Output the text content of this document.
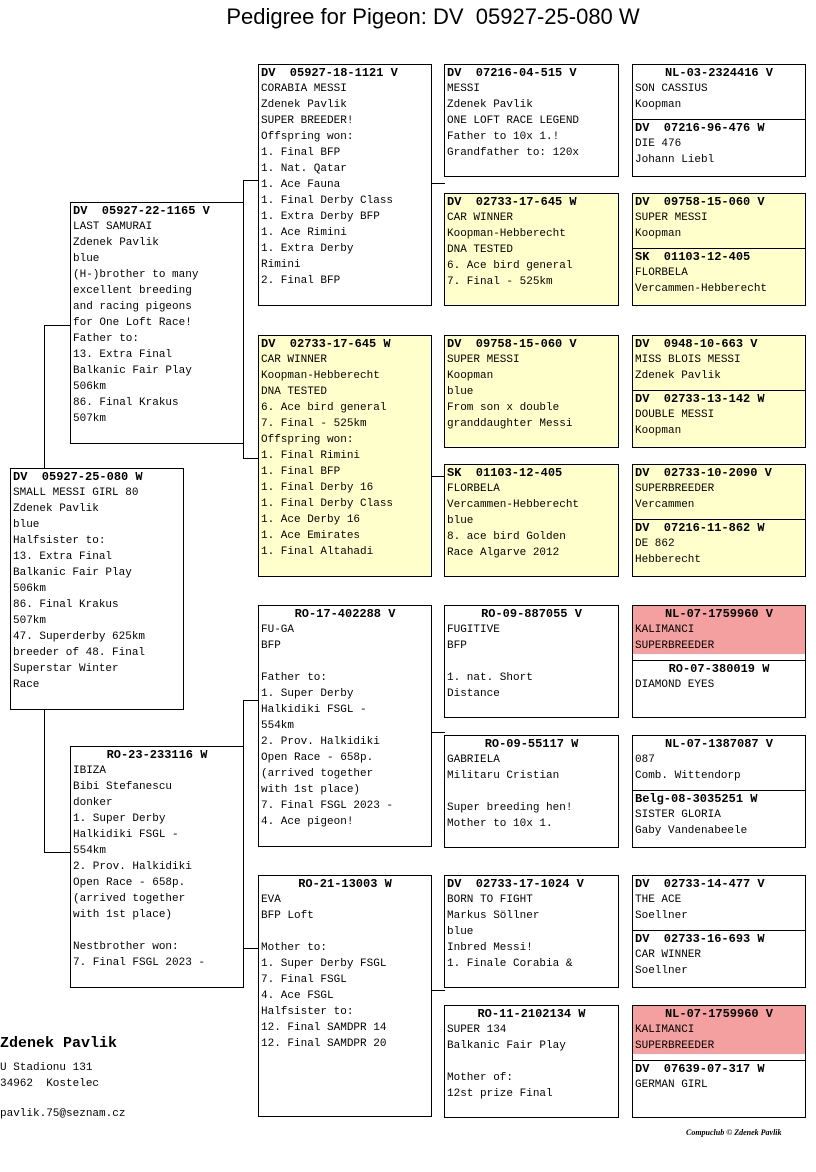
Pedigree for Pigeon: DV  05927-25-080 W
DV  05927-25-080 W
SMALL MESSI GIRL 80
Zdenek Pavlik
blue
Halfsister to:
13. Extra Final
Balkanic Fair Play
506km
86. Final Krakus
507km
47. Superderby 625km
breeder of 48. Final
Superstar Winter
Race
DV  05927-22-1165 V
LAST SAMURAI
Zdenek Pavlik
blue
(H-)brother to many
excellent breeding
and racing pigeons
for One Loft Race!
Father to:
13. Extra Final
Balkanic Fair Play
506km
86. Final Krakus
507km
RO-23-233116 W
IBIZA
Bibi Stefanescu
donker
1. Super Derby
Halkidiki FSGL -
554km
2. Prov. Halkidiki
Open Race - 658p.
(arrived together
with 1st place)
Nestbrother won:
7. Final FSGL 2023 -
DV  05927-18-1121 V
CORABIA MESSI
Zdenek Pavlik
SUPER BREEDER!
Offspring won:
1. Final BFP
1. Nat. Qatar
1. Ace Fauna
1. Final Derby Class
1. Extra Derby BFP
1. Ace Rimini
1. Extra Derby
Rimini
2. Final BFP
DV  02733-17-645 W
CAR WINNER
Koopman-Hebberecht
DNA TESTED
6. Ace bird general
7. Final - 525km
Offspring won:
1. Final Rimini
1. Final BFP
1. Final Derby 16
1. Final Derby Class
1. Ace Derby 16
1. Ace Emirates
1. Final Altahadi
RO-17-402288 V
FU-GA
BFP
Father to:
1. Super Derby
Halkidiki FSGL -
554km
2. Prov. Halkidiki
Open Race - 658p.
(arrived together
with 1st place)
7. Final FSGL 2023 -
4. Ace pigeon!
RO-21-13003 W
EVA
BFP Loft
Mother to:
1. Super Derby FSGL
7. Final FSGL
4. Ace FSGL
Halfsister to:
12. Final SAMDPR 14
12. Final SAMDPR 20
DV  07216-04-515 V
MESSI
Zdenek Pavlik
ONE LOFT RACE LEGEND
Father to 10x 1.!
Grandfather to: 120x
DV  02733-17-645 W
CAR WINNER
Koopman-Hebberecht
DNA TESTED
6. Ace bird general
7. Final - 525km
DV  09758-15-060 V
SUPER MESSI
Koopman
blue
From son x double
granddaughter Messi
SK  01103-12-405
FLORBELA
Vercammen-Hebberecht
blue
8. ace bird Golden
Race Algarve 2012
RO-09-887055 V
FUGITIVE
BFP
1. nat. Short
Distance
RO-09-55117 W
GABRIELA
Militaru Cristian
Super breeding hen!
Mother to 10x 1.
DV  02733-17-1024 V
BORN TO FIGHT
Markus Söllner
blue
Inbred Messi!
1. Finale Corabia &
RO-11-2102134 W
SUPER 134
Balkanic Fair Play
Mother of:
12st prize Final
NL-03-2324416 V
SON CASSIUS
Koopman
DV  07216-96-476 W
DIE 476
Johann Liebl
DV  09758-15-060 V
SUPER MESSI
Koopman
SK  01103-12-405
FLORBELA
Vercammen-Hebberecht
DV  0948-10-663 V
MISS BLOIS MESSI
Zdenek Pavlik
DV  02733-13-142 W
DOUBLE MESSI
Koopman
DV  02733-10-2090 V
SUPERBREEDER
Vercammen
DV  07216-11-862 W
DE 862
Hebberecht
NL-07-1759960 V
KALIMANCI
SUPERBREEDER
RO-07-380019 W
DIAMOND EYES
NL-07-1387087 V
087
Comb. Wittendorp
Belg-08-3035251 W
SISTER GLORIA
Gaby Vandenabeele
DV  02733-14-477 V
THE ACE
Soellner
DV  02733-16-693 W
CAR WINNER
Soellner
NL-07-1759960 V
KALIMANCI
SUPERBREEDER
DV  07639-07-317 W
GERMAN GIRL
Zdenek Pavlik
U Stadionu 131
34962  Kostelec
pavlik.75@seznam.cz
Compuclub © Zdenek Pavlik
